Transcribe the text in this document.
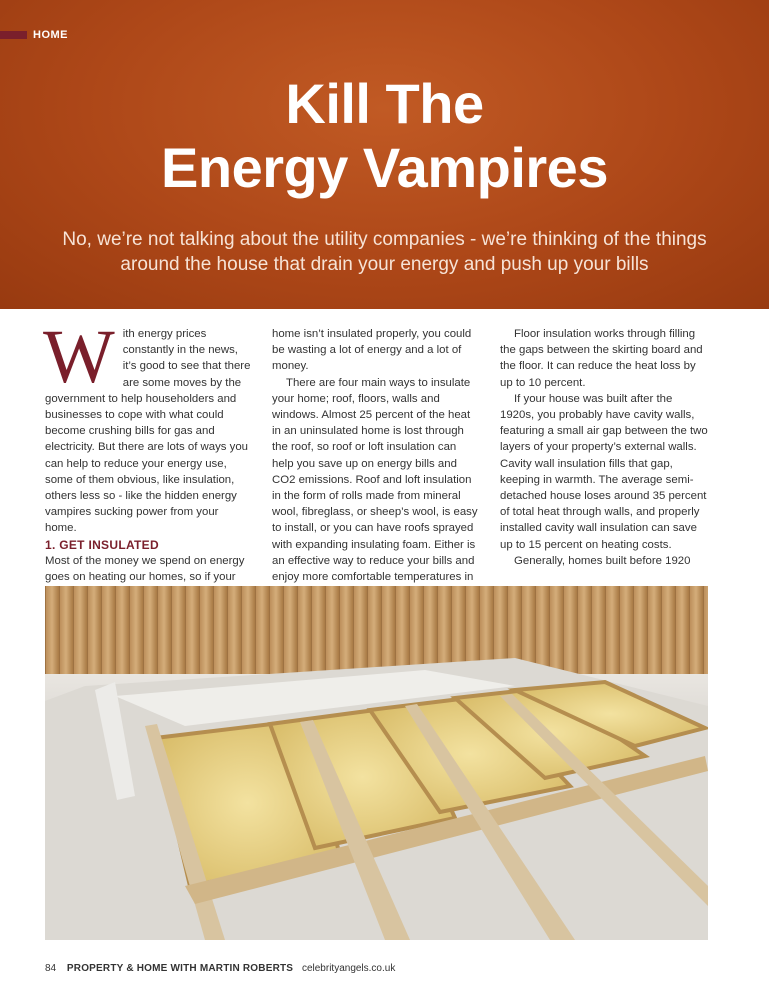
HOME
Kill The
Energy Vampires
No, we’re not talking about the utility companies - we’re thinking of the things around the house that drain your energy and push up your bills

With energy prices constantly in the news, it’s good to see that there are some moves by the government to help householders and businesses to cope with what could become crushing bills for gas and electricity. But there are lots of ways you can help to reduce your energy use, some of them obvious, like insulation, others less so - like the hidden energy vampires sucking power from your home.

1. GET INSULATED

Most of the money we spend on energy goes on heating our homes, so if your

home isn’t insulated properly, you could be wasting a lot of energy and a lot of money.

There are four main ways to insulate your home; roof, floors, walls and windows. Almost 25 percent of the heat in an uninsulated home is lost through the roof, so roof or loft insulation can help you save up on energy bills and CO2 emissions. Roof and loft insulation in the form of rolls made from mineral wool, fibreglass, or sheep’s wool, is easy to install, or you can have roofs sprayed with expanding insulating foam. Either is an effective way to reduce your bills and enjoy more comfortable temperatures in

Floor insulation works through filling the gaps between the skirting board and the floor. It can reduce the heat loss by up to 10 percent.

If your house was built after the 1920s, you probably have cavity walls, featuring a small air gap between the two layers of your property’s external walls. Cavity wall insulation fills that gap, keeping in warmth. The average semi-detached house loses around 35 percent of total heat through walls, and properly installed cavity wall insulation can save up to 15 percent on heating costs.

Generally, homes built before 1920

84 PROPERTY & HOME WITH MARTIN ROBERTS celebrityangels.co.uk
